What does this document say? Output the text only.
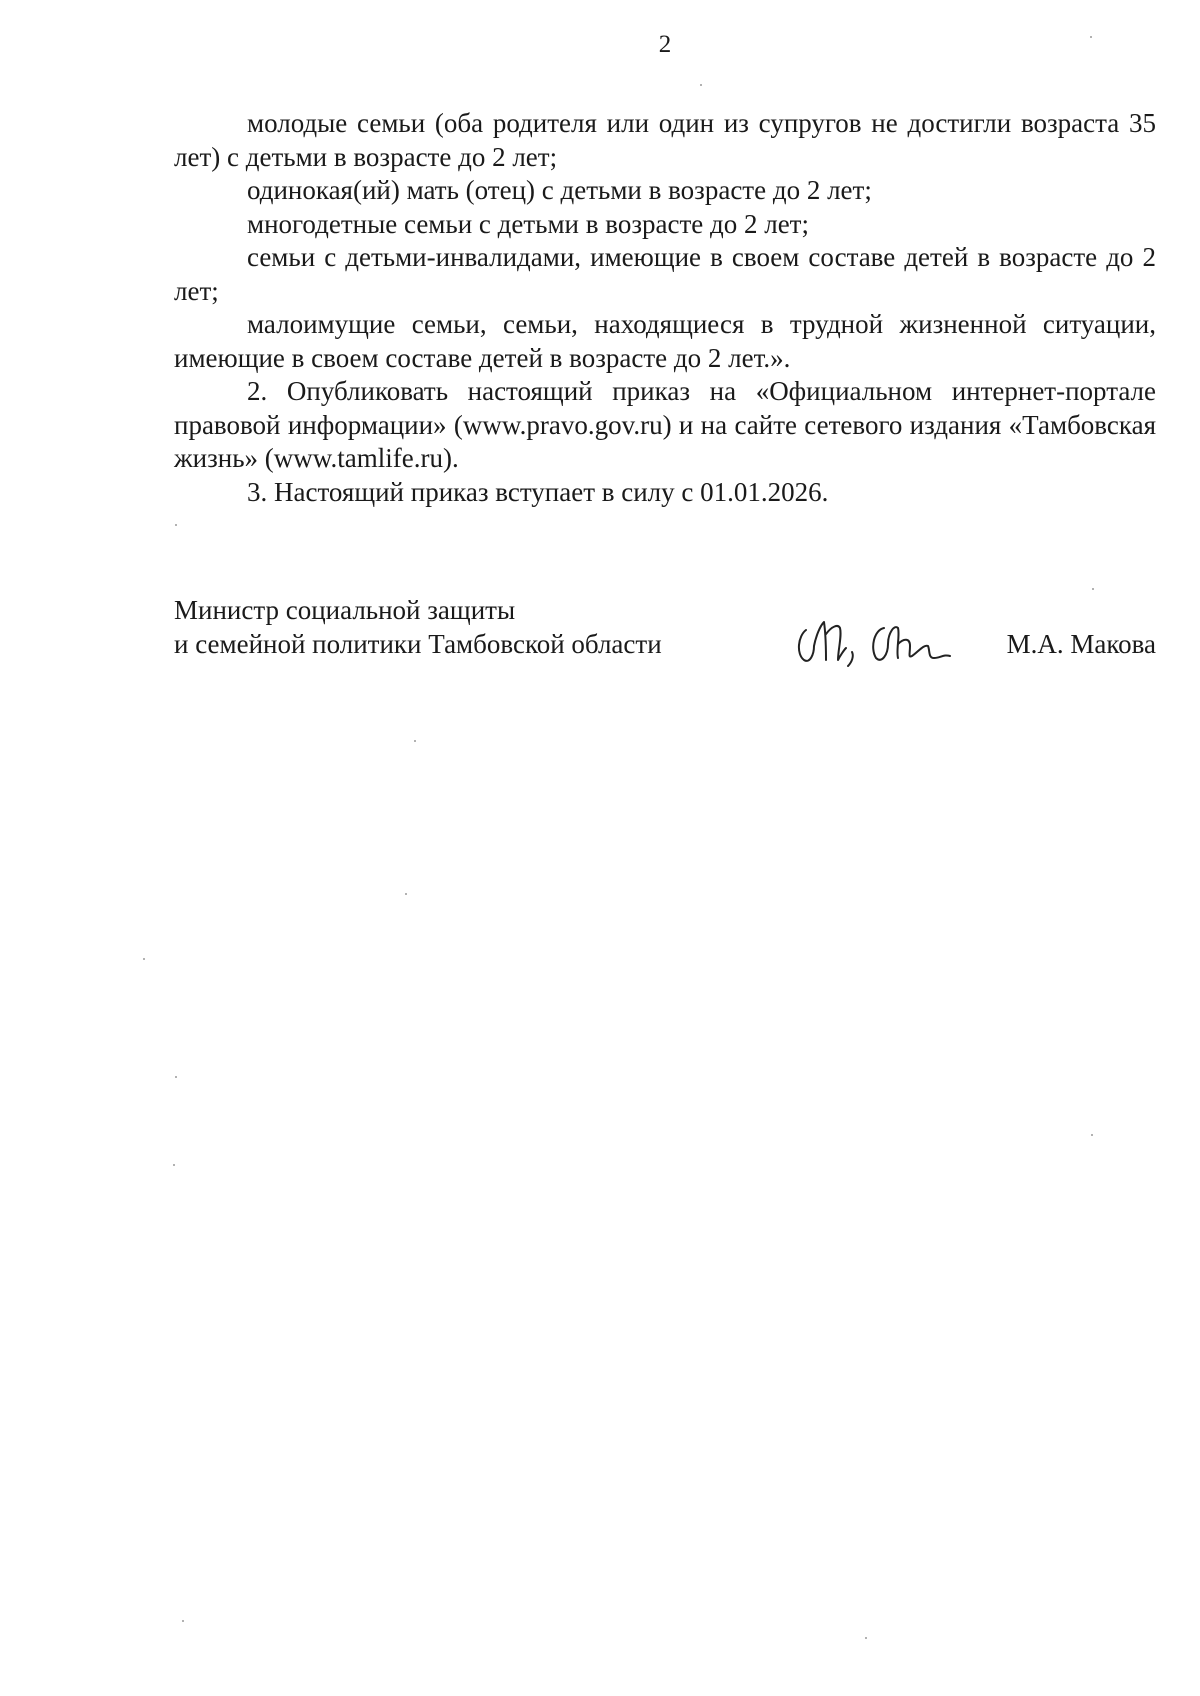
2

молодые семьи (оба родителя или один из супругов не достигли возраста 35 лет) с детьми в возрасте до 2 лет;

одинокая(ий) мать (отец) с детьми в возрасте до 2 лет;

многодетные семьи с детьми в возрасте до 2 лет;

семьи с детьми-инвалидами, имеющие в своем составе детей в возрасте до 2 лет;

малоимущие семьи, семьи, находящиеся в трудной жизненной ситуации, имеющие в своем составе детей в возрасте до 2 лет.».

2. Опубликовать настоящий приказ на «Официальном интернет-портале правовой информации» (www.pravo.gov.ru) и на сайте сетевого издания «Тамбовская жизнь» (www.tamlife.ru).

3. Настоящий приказ вступает в силу с 01.01.2026.

Министр социальной защиты
и семейной политики Тамбовской области	М.А. Макова
